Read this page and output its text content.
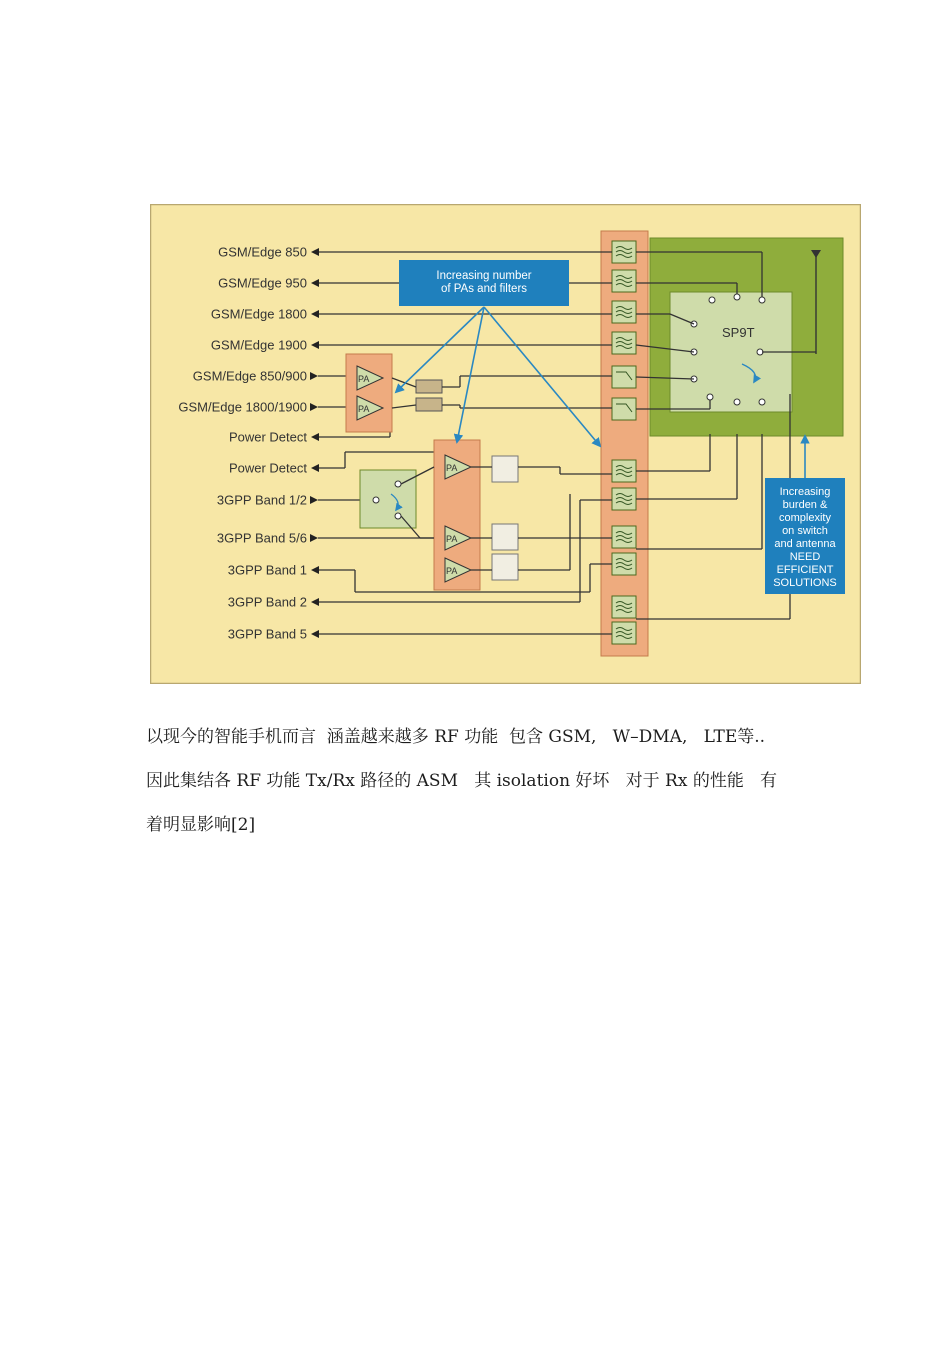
SP9T
PA
PA
PA
PA
PA
Increasing number
of PAs and filters
Increasing
burden &
complexity
on switch
and antenna
NEED
EFFICIENT
SOLUTIONS
GSM/Edge 850
GSM/Edge 950
GSM/Edge 1800
GSM/Edge 1900
GSM/Edge 850/900
GSM/Edge 1800/1900
Power Detect
Power Detect
3GPP Band 1/2
3GPP Band 5/6
3GPP Band 1
3GPP Band 2
3GPP Band 5
以现今的智能手机而言  涵盖越来越多 RF 功能  包含 GSM,   W–DMA,   LTE等..
因此集结各 RF 功能 Tx/Rx 路径的 ASM   其 isolation 好坏   对于 Rx 的性能   有
着明显影响[2]
